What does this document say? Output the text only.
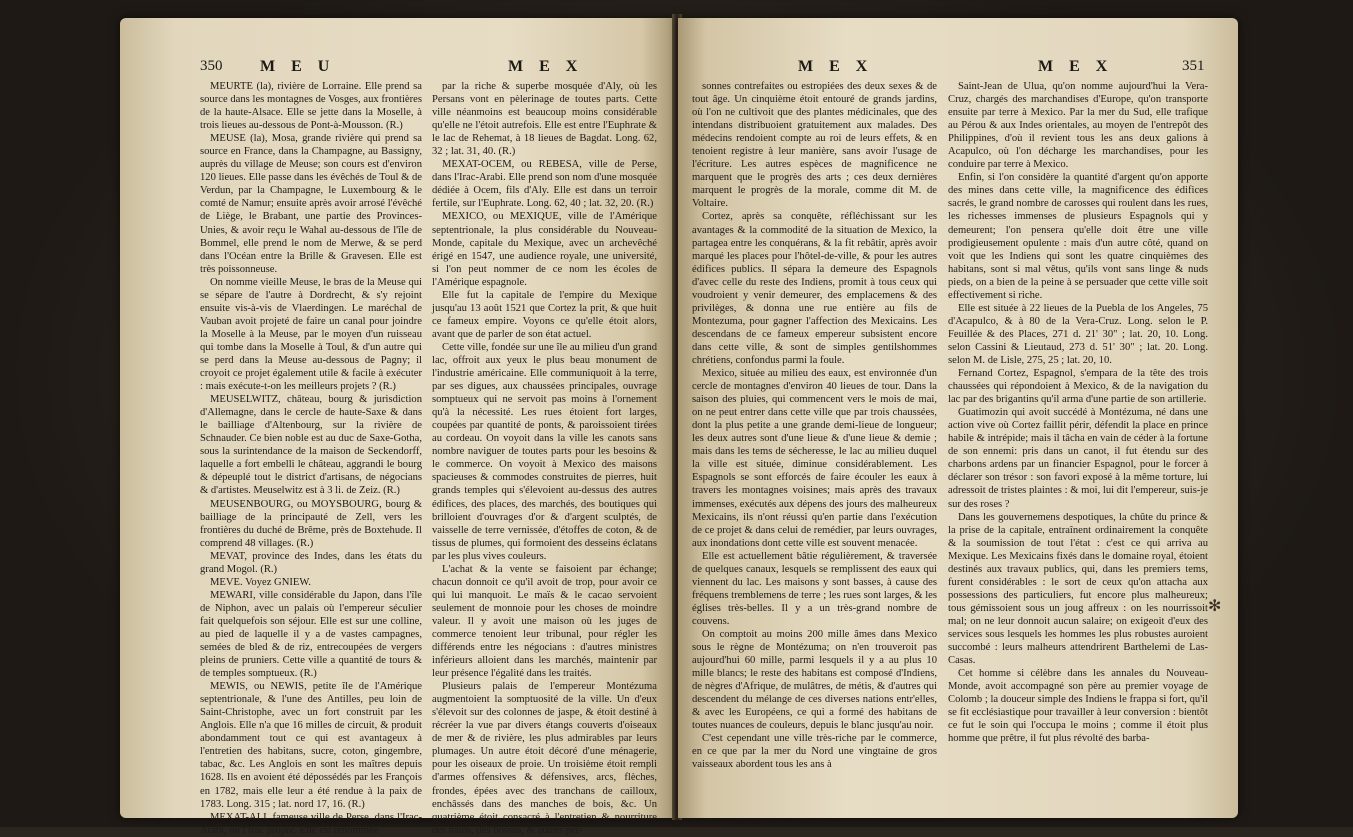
350 M E U	M E X

MEURTE (la), rivière de Lorraine. Elle prend sa source dans les montagnes de Vosges, aux frontières de la haute-Alsace. Elle se jette dans la Moselle, à trois lieues au-dessous de Pont-à-Mousson. (R.)

MEUSE (la), Mosa, grande rivière qui prend sa source en France, dans la Champagne, au Bassigny, auprès du village de Meuse; son cours est d'environ 120 lieues. Elle passe dans les évêchés de Toul & de Verdun, par la Champagne, le Luxembourg & le comté de Namur; ensuite après avoir arrosé l'évêché de Liège, le Brabant, une partie des Provinces-Unies, & avoir reçu le Wahal au-dessous de l'île de Bommel, elle prend le nom de Merwe, & se perd dans l'Océan entre la Brille & Gravesen. Elle est très poissonneuse.

On nomme vieille Meuse, le bras de la Meuse qui se sépare de l'autre à Dordrecht, & s'y rejoint ensuite vis-à-vis de Vlaerdingen. Le maréchal de Vauban avoit projeté de faire un canal pour joindre la Moselle à la Meuse, par le moyen d'un ruisseau qui tombe dans la Moselle à Toul, & d'un autre qui se perd dans la Meuse au-dessous de Pagny; il croyoit ce projet également utile & facile à exécuter : mais exécute-t-on les meilleurs projets ? (R.)

MEUSELWITZ, château, bourg & jurisdiction d'Allemagne, dans le cercle de haute-Saxe & dans le bailliage d'Altenbourg, sur la rivière de Schnauder. Ce bien noble est au duc de Saxe-Gotha, sous la surintendance de la maison de Seckendorff, laquelle a fort embelli le château, aggrandi le bourg & dépeuplé tout le district d'artisans, de négocians & d'artistes. Meuselwitz est à 3 li. de Zeiz. (R.)

MEUSENBOURG, ou MOYSBOURG, bourg & bailliage de la principauté de Zell, vers les frontières du duché de Brême, près de Boxtehude. Il comprend 48 villages. (R.)

MEVAT, province des Indes, dans les états du grand Mogol. (R.)

MEVE. Voyez GNIEW.

MEWARI, ville considérable du Japon, dans l'île de Niphon, avec un palais où l'empereur séculier fait quelquefois son séjour. Elle est sur une colline, au pied de laquelle il y a de vastes campagnes, semées de bled & de riz, entrecoupées de vergers pleins de pruniers. Cette ville a quantité de tours & de temples somptueux. (R.)

MEWIS, ou NEWIS, petite île de l'Amérique septentrionale, & l'une des Antilles, peu loin de Saint-Christophe, avec un fort construit par les Anglois. Elle n'a que 16 milles de circuit, & produit abondamment tout ce qui est avantageux à l'entretien des habitans, sucre, coton, gingembre, tabac, &c. Les Anglois en sont les maîtres depuis 1628. Ils en avoient été dépossédés par les François en 1782, mais elle leur a été rendue à la paix de 1783. Long. 315 ; lat. nord 17, 16. (R.)

MEXAT-ALI, fameuse ville de Perse, dans l'Irac-Arabi, ou l'Irac propre. Elle est renommée

par la riche & superbe mosquée d'Aly, où les Persans vont en pèlerinage de toutes parts. Cette ville néanmoins est beaucoup moins considérable qu'elle ne l'étoit autrefois. Elle est entre l'Euphrate & le lac de Rehemat, à 18 lieues de Bagdat. Long. 62, 32 ; lat. 31, 40. (R.)

MEXAT-OCEM, ou REBESA, ville de Perse, dans l'Irac-Arabi. Elle prend son nom d'une mosquée dédiée à Ocem, fils d'Aly. Elle est dans un terroir fertile, sur l'Euphrate. Long. 62, 40 ; lat. 32, 20. (R.)

MEXICO, ou MEXIQUE, ville de l'Amérique septentrionale, la plus considérable du Nouveau-Monde, capitale du Mexique, avec un archevêché érigé en 1547, une audience royale, une université, si l'on peut nommer de ce nom les écoles de l'Amérique espagnole.

Elle fut la capitale de l'empire du Mexique jusqu'au 13 août 1521 que Cortez la prit, & que huit ce fameux empire. Voyons ce qu'elle étoit alors, avant que de parler de son état actuel.

Cette ville, fondée sur une île au milieu d'un grand lac, offroit aux yeux le plus beau monument de l'industrie américaine. Elle communiquoit à la terre, par ses digues, aux chaussées principales, ouvrage somptueux qui ne servoit pas moins à l'ornement qu'à la nécessité. Les rues étoient fort larges, coupées par quantité de ponts, & paroissoient tirées au cordeau. On voyoit dans la ville les canots sans nombre naviguer de toutes parts pour les besoins & le commerce. On voyoit à Mexico des maisons spacieuses & commodes construites de pierres, huit grands temples qui s'élevoient au-dessus des autres édifices, des places, des marchés, des boutiques qui brilloient d'ouvrages d'or & d'argent sculptés, de vaisselle de terre vernissée, d'étoffes de coton, & de tissus de plumes, qui formoient des desseins éclatans par les plus vives couleurs.

L'achat & la vente se faisoient par échange; chacun donnoit ce qu'il avoit de trop, pour avoir ce qui lui manquoit. Le maïs & le cacao servoient seulement de monnoie pour les choses de moindre valeur. Il y avoit une maison où les juges de commerce tenoient leur tribunal, pour régler les différends entre les négocians : d'autres ministres inférieurs alloient dans les marchés, maintenir par leur présence l'égalité dans les traités.

Plusieurs palais de l'empereur Montézuma augmentoient la somptuosité de la ville. Un d'eux s'élevoit sur des colonnes de jaspe, & étoit destiné à récréer la vue par divers étangs couverts d'oiseaux de mer & de rivière, les plus admirables par leurs plumages. Un autre étoit décoré d'une ménagerie, pour les oiseaux de proie. Un troisième étoit rempli d'armes offensives & défensives, arcs, flèches, frondes, épées avec des tranchans de cailloux, enchâssés dans des manches de bois, &c. Un quatrième étoit consacré à l'entretien & nourriture des nains, des bossus, & autres per-

M E X	M E X	351

sonnes contrefaites ou estropiées des deux sexes & de tout âge. Un cinquième étoit entouré de grands jardins, où l'on ne cultivoit que des plantes médicinales, que des intendans distribuoient gratuitement aux malades. Des médecins rendoient compte au roi de leurs effets, & en tenoient registre à leur manière, sans avoir l'usage de l'écriture. Les autres espèces de magnificence ne marquent que le progrès des arts ; ces deux dernières marquent le progrès de la morale, comme dit M. de Voltaire.

Cortez, après sa conquête, réfléchissant sur les avantages & la commodité de la situation de Mexico, la partagea entre les conquérans, & la fit rebâtir, après avoir marqué les places pour l'hôtel-de-ville, & pour les autres édifices publics. Il sépara la demeure des Espagnols d'avec celle du reste des Indiens, promit à tous ceux qui voudroient y venir demeurer, des emplacemens & des privilèges, & donna une rue entière au fils de Montezuma, pour gagner l'affection des Mexicains. Les descendans de ce fameux empereur subsistent encore dans cette ville, & sont de simples gentilshommes chrétiens, confondus parmi la foule.

Mexico, située au milieu des eaux, est environnée d'un cercle de montagnes d'environ 40 lieues de tour. Dans la saison des pluies, qui commencent vers le mois de mai, on ne peut entrer dans cette ville que par trois chaussées, dont la plus petite a une grande demi-lieue de longueur; les deux autres sont d'une lieue & d'une lieue & demie ; mais dans les tems de sécheresse, le lac au milieu duquel la ville est située, diminue considérablement. Les Espagnols se sont efforcés de faire écouler les eaux à travers les montagnes voisines; mais après des travaux immenses, exécutés aux dépens des jours des malheureux Mexicains, ils n'ont réussi qu'en partie dans l'exécution de ce projet & dans celui de remédier, par leurs ouvrages, aux inondations dont cette ville est souvent menacée.

Elle est actuellement bâtie régulièrement, & traversée de quelques canaux, lesquels se remplissent des eaux qui viennent du lac. Les maisons y sont basses, à cause des fréquens tremblemens de terre ; les rues sont larges, & les églises très-belles. Il y a un très-grand nombre de couvens.

On comptoit au moins 200 mille âmes dans Mexico sous le règne de Montézuma; on n'en trouveroit pas aujourd'hui 60 mille, parmi lesquels il y a au plus 10 mille blancs; le reste des habitans est composé d'Indiens, de nègres d'Afrique, de mulâtres, de métis, & d'autres qui descendent du mélange de ces diverses nations entr'elles, & avec les Européens, ce qui a formé des habitans de toutes nuances de couleurs, depuis le blanc jusqu'au noir.

C'est cependant une ville très-riche par le commerce, en ce que par la mer du Nord une vingtaine de gros vaisseaux abordent tous les ans à

Saint-Jean de Ulua, qu'on nomme aujourd'hui la Vera-Cruz, chargés des marchandises d'Europe, qu'on transporte ensuite par terre à Mexico. Par la mer du Sud, elle trafique au Pérou & aux Indes orientales, au moyen de l'entrepôt des Philippines, d'où il revient tous les ans deux galions à Acapulco, où l'on décharge les marchandises, pour les conduire par terre à Mexico.

Enfin, si l'on considère la quantité d'argent qu'on apporte des mines dans cette ville, la magnificence des édifices sacrés, le grand nombre de carosses qui roulent dans les rues, les richesses immenses de plusieurs Espagnols qui y demeurent; l'on pensera qu'elle doit être une ville prodigieusement opulente : mais d'un autre côté, quand on voit que les Indiens qui sont les quatre cinquièmes des habitans, sont si mal vêtus, qu'ils vont sans linge & nuds pieds, on a bien de la peine à se persuader que cette ville soit effectivement si riche.

Elle est située à 22 lieues de la Puebla de los Angeles, 75 d'Acapulco, & à 80 de la Vera-Cruz. Long. selon le P. Feuillée & des Places, 271 d. 21' 30" ; lat. 20, 10. Long. selon Cassini & Lieutaud, 273 d. 51' 30" ; lat. 20. Long. selon M. de Lisle, 275, 25 ; lat. 20, 10.

Fernand Cortez, Espagnol, s'empara de la tête des trois chaussées qui répondoient à Mexico, & de la navigation du lac par des brigantins qu'il arma d'une partie de son artillerie.

Guatimozin qui avoit succédé à Montézuma, né dans une action vive où Cortez faillit périr, défendit la place en prince habile & intrépide; mais il tâcha en vain de céder à la fortune de son ennemi: pris dans un canot, il fut étendu sur des charbons ardens par un financier Espagnol, pour le forcer à déclarer son trésor : son favori exposé à la même torture, lui adressoit de tristes plaintes : & moi, lui dit l'empereur, suis-je sur des roses ?

Dans les gouvernemens despotiques, la chûte du prince & la prise de la capitale, entraînent ordinairement la conquête & la soumission de tout l'état : c'est ce qui arriva au Mexique. Les Mexicains fixés dans le domaine royal, étoient destinés aux travaux publics, qui, dans les premiers tems, furent considérables : le sort de ceux qu'on attacha aux possessions des particuliers, fut encore plus malheureux; tous gémissoient sous un joug affreux : on les nourrissoit mal; on ne leur donnoit aucun salaire; on exigeoit d'eux des services sous lesquels les hommes les plus robustes auroient succombé : leurs malheurs attendrirent Barthelemi de Las-Casas.

Cet homme si célèbre dans les annales du Nouveau-Monde, avoit accompagné son père au premier voyage de Colomb ; la douceur simple des Indiens le frappa si fort, qu'il se fit ecclésiastique pour travailler à leur conversion : bientôt ce fut le soin qui l'occupa le moins ; comme il étoit plus homme que prêtre, il fut plus révolté des barba-

✻
